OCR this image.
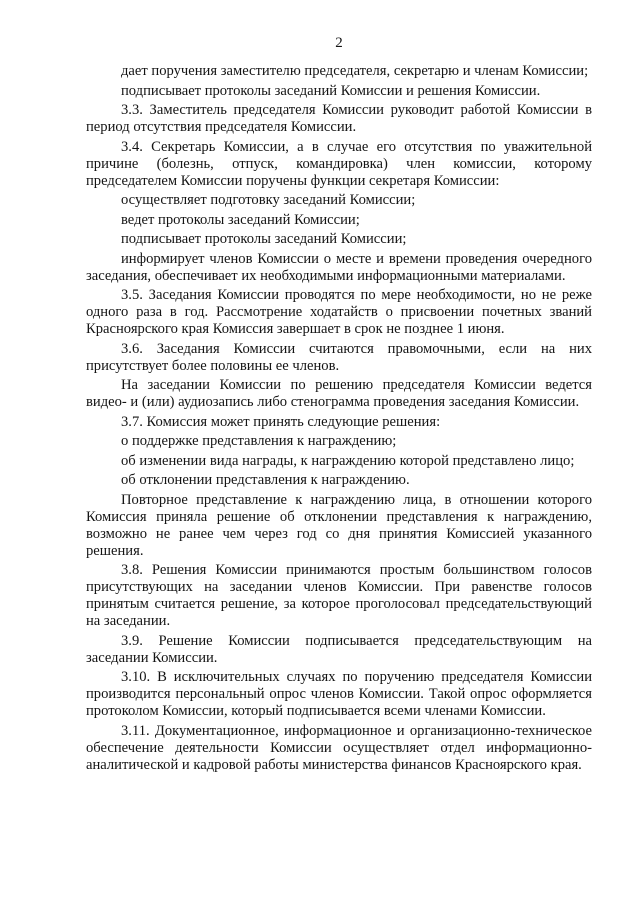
2

дает поручения заместителю председателя, секретарю и членам Комиссии;

подписывает протоколы заседаний Комиссии и решения Комиссии.

3.3. Заместитель председателя Комиссии руководит работой Комиссии в период отсутствия председателя Комиссии.

3.4. Секретарь Комиссии, а в случае его отсутствия по уважительной причине (болезнь, отпуск, командировка) член комиссии, которому председателем Комиссии поручены функции секретаря Комиссии:

осуществляет подготовку заседаний Комиссии;

ведет протоколы заседаний Комиссии;

подписывает протоколы заседаний Комиссии;

информирует членов Комиссии о месте и времени проведения очередного заседания, обеспечивает их необходимыми информационными материалами.

3.5. Заседания Комиссии проводятся по мере необходимости, но не реже одного раза в год. Рассмотрение ходатайств о присвоении почетных званий Красноярского края Комиссия завершает в срок не позднее 1 июня.

3.6. Заседания Комиссии считаются правомочными, если на них присутствует более половины ее членов.

На заседании Комиссии по решению председателя Комиссии ведется видео- и (или) аудиозапись либо стенограмма проведения заседания Комиссии.

3.7. Комиссия может принять следующие решения:

о поддержке представления к награждению;

об изменении вида награды, к награждению которой представлено лицо;

об отклонении представления к награждению.

Повторное представление к награждению лица, в отношении которого Комиссия приняла решение об отклонении представления к награждению, возможно не ранее чем через год со дня принятия Комиссией указанного решения.

3.8. Решения Комиссии принимаются простым большинством голосов присутствующих на заседании членов Комиссии. При равенстве голосов принятым считается решение, за которое проголосовал председательствующий на заседании.

3.9. Решение Комиссии подписывается председательствующим на заседании Комиссии.

3.10. В исключительных случаях по поручению председателя Комиссии производится персональный опрос членов Комиссии. Такой опрос оформляется протоколом Комиссии, который подписывается всеми членами Комиссии.

3.11. Документационное, информационное и организационно-техническое обеспечение деятельности Комиссии осуществляет отдел информационно-аналитической и кадровой работы министерства финансов Красноярского края.
